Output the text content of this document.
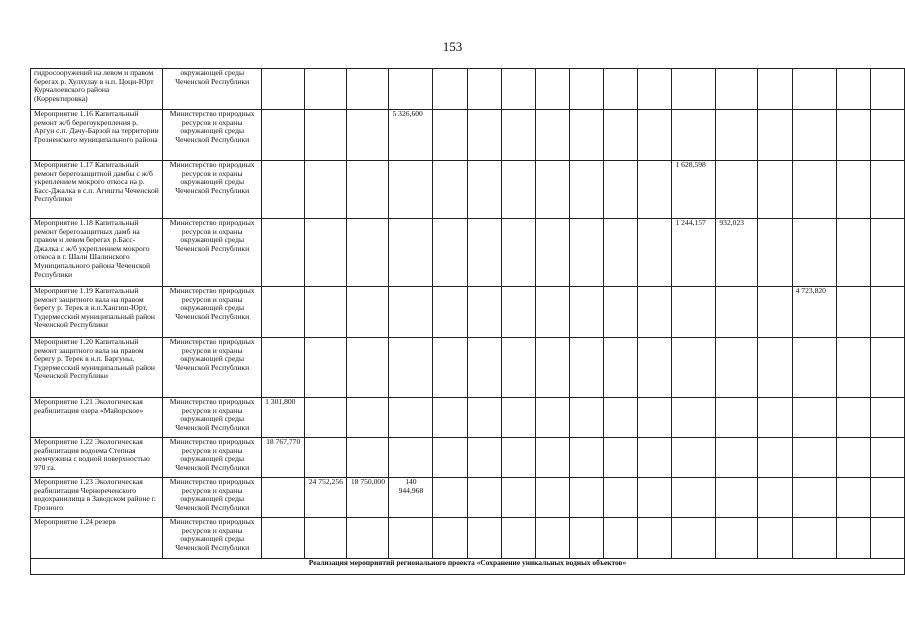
153
гидросооружений на левом и правом берегах р. Хулхулау в н.п. Цоци-Юрт Курчалоевского района (Корректировка)	окружающей среды Чеченской Республики																	
Мероприятие 1.16 Капитальный ремонт ж/б берегоукрепления р. Аргун с.п. Дачу-Барзой на территории Грозненского муниципального района	Министерство природных ресурсов и охраны окружающей среды Чеченской Республики				5 326,600													
Мероприятие 1.17 Капитальный ремонт берегозащитной дамбы с ж/б укреплением мокрого откоса на р. Басс-Джалка в с.п. Агишты Чеченской Республики	Министерство природных ресурсов и охраны окружающей среды Чеченской Республики												1 628,598					
Мероприятие 1.18 Капитальный ремонт берегозащитных дамб на правом и левом берегах р.Басс-Джалка с ж/б укреплением мокрого откоса в г. Шали Шалинского Муниципального района Чеченской Республики	Министерство природных ресурсов и охраны окружающей среды Чеченской Республики												1 244,157	932,023				
Мероприятие 1.19 Капитальный ремонт защитного вала на правом берегу р. Терек в н.п.Хангиш-Юрт, Гудермесский муниципальный район Чеченской Республики	Министерство природных ресурсов и охраны окружающей среды Чеченской Республики															4 723,820		
Мероприятие 1.20 Капитальный ремонт защитного вала на правом берегу р. Терек в н.п. Баргуны, Гудермесский муниципальный район Чеченской Республики	Министерство природных ресурсов и охраны окружающей среды Чеченской Республики																	
Мероприятие 1.21 Экологическая реабилитация озера «Майорское»	Министерство природных ресурсов и охраны окружающей среды Чеченской Республики	1 301,800																
Мероприятие 1.22 Экологическая реабилитация водоема Степная жемчужина с водной поверхностью 970 га.	Министерство природных ресурсов и охраны окружающей среды Чеченской Республики	18 767,770																
Мероприятие 1.23 Экологическая реабилитация Чернореченского водохранилища в Заводском районе г. Грозного	Министерство природных ресурсов и охраны окружающей среды Чеченской Республики		24 752,256	18 750,000	140 944,968													
Мероприятие 1.24 резерв	Министерство природных ресурсов и охраны окружающей среды Чеченской Республики																	
Реализация мероприятий регионального проекта «Сохранение уникальных водных объектов»																		
